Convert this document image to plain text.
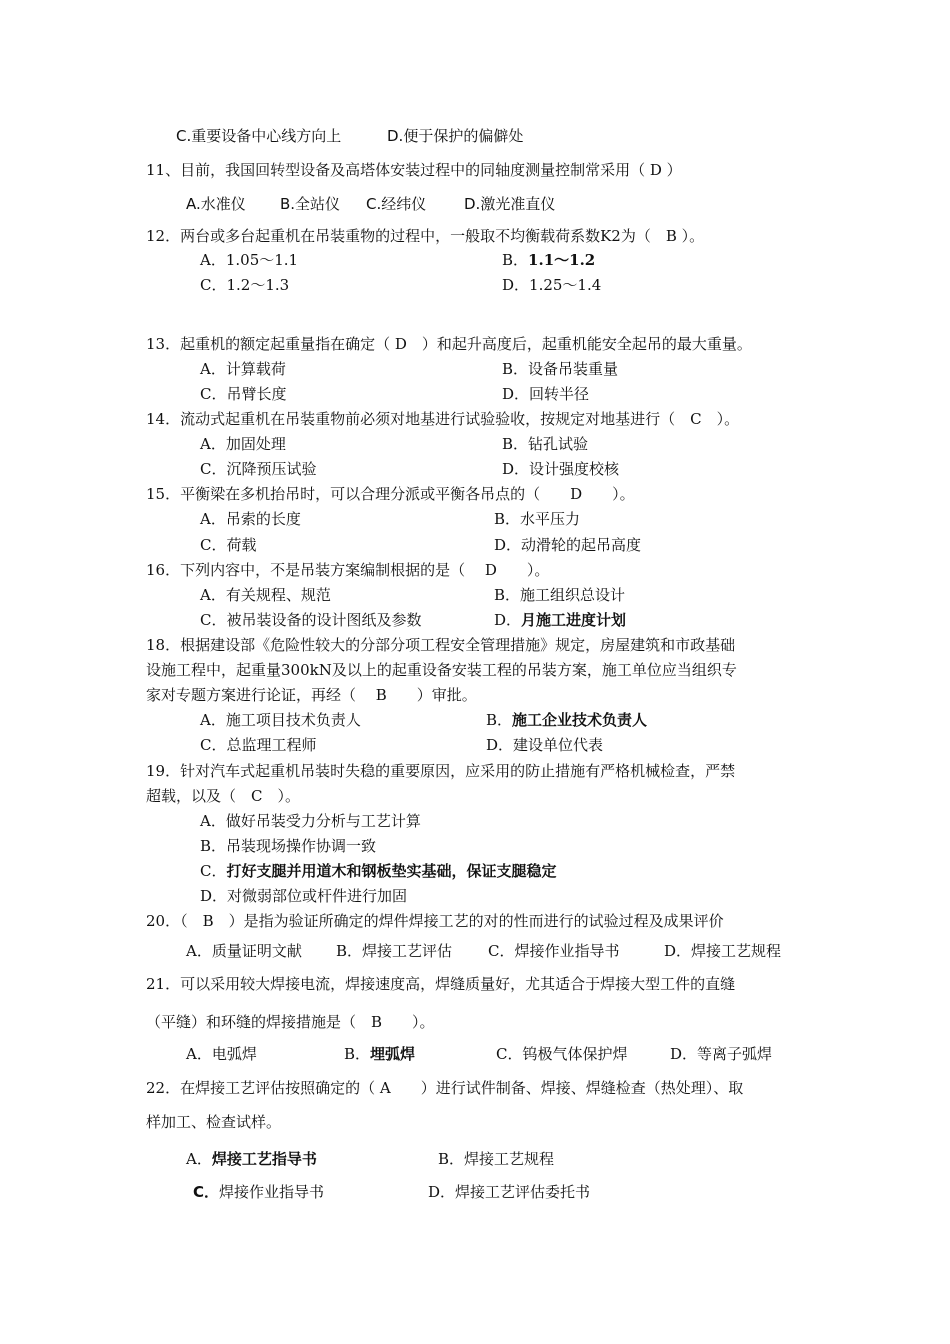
C.重要设备中心线方向上	D.便于保护的偏僻处
11、目前，我国回转型设备及高塔体安装过程中的同轴度测量控制常采用（ D ）
A.水准仪 B.全站仪 C.经纬仪	D.激光准直仪
12．两台或多台起重机在吊装重物的过程中，一般取不均衡载荷系数K2为（　B ）。
A．1.05～1.1	B．1.1～1.2
C．1.2～1.3	D．1.25～1.4
13．起重机的额定起重量指在确定（ D　）和起升高度后，起重机能安全起吊的最大重量。
A．计算载荷	B．设备吊装重量
C．吊臂长度	D．回转半径
14．流动式起重机在吊装重物前必须对地基进行试验验收，按规定对地基进行（　C　）。
A．加固处理	B．钻孔试验
C．沉降预压试验	D．设计强度校核
15．平衡梁在多机抬吊时，可以合理分派或平衡各吊点的（　　D　　）。
A．吊索的长度	B．水平压力
C．荷载	D．动滑轮的起吊高度
16．下列内容中，不是吊装方案编制根据的是（　 D　　）。
A．有关规程、规范	B．施工组织总设计
C．被吊装设备的设计图纸及参数	D．月施工进度计划
18．根据建设部《危险性较大的分部分项工程安全管理措施》规定，房屋建筑和市政基础
设施工程中，起重量300kN及以上的起重设备安装工程的吊装方案，施工单位应当组织专
家对专题方案进行论证，再经（　 B　　）审批。
A．施工项目技术负责人	B．施工企业技术负责人
C．总监理工程师	D．建设单位代表
19．针对汽车式起重机吊装时失稳的重要原因，应采用的防止措施有严格机械检查，严禁
超载，以及（　C　）。
A．做好吊装受力分析与工艺计算
B．吊装现场操作协调一致
C．打好支腿并用道木和钢板垫实基础，保证支腿稳定
D．对微弱部位或杆件进行加固
20．（　B　）是指为验证所确定的焊件焊接工艺的对的性而进行的试验过程及成果评价
A．质量证明文献 B．焊接工艺评估 C．焊接作业指导书	D．焊接工艺规程
21．可以采用较大焊接电流，焊接速度高，焊缝质量好，尤其适合于焊接大型工件的直缝
（平缝）和环缝的焊接措施是（　B　　）。
A．电弧焊	B．埋弧焊	C．钨极气体保护焊	D．等离子弧焊
22．在焊接工艺评估按照确定的（ A　　）进行试件制备、焊接、焊缝检查（热处理）、取
样加工、检查试样。
A．焊接工艺指导书	B．焊接工艺规程
C．焊接作业指导书	D．焊接工艺评估委托书
